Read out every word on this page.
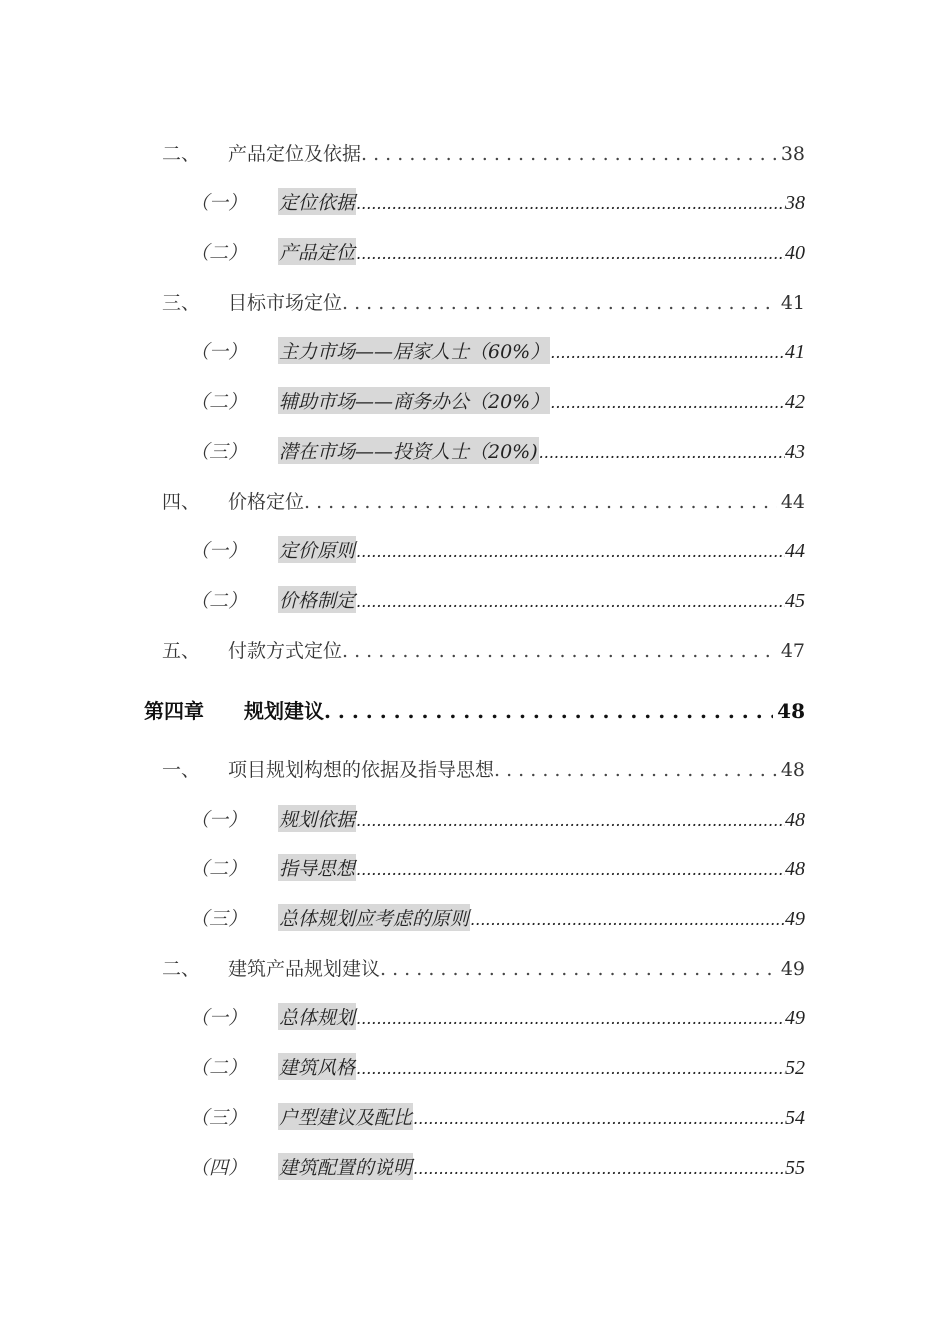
二、	产品定位及依据 . . .	38
（一）	定位依据 .....	38
（二）	产品定位 .....	40
三、	目标市场定位 . . .	41
（一）	主力市场——居家人士（60%） .....	41
（二）	辅助市场——商务办公（20%） .....	42
（三）	潜在市场——投资人士（20%) .....	43
四、	价格定位 . . .	44
（一）	定价原则 .....	44
（二）	价格制定 .....	45
五、	付款方式定位 . . .	47
第四章	规划建议 . . .	48
一、	项目规划构想的依据及指导思想 . . .	48
（一）	规划依据 .....	48
（二）	指导思想 .....	48
（三）	总体规划应考虑的原则 .....	49
二、	建筑产品规划建议 . . .	49
（一）	总体规划 .....	49
（二）	建筑风格 .....	52
（三）	户型建议及配比 .....	54
（四）	建筑配置的说明 .....	55
